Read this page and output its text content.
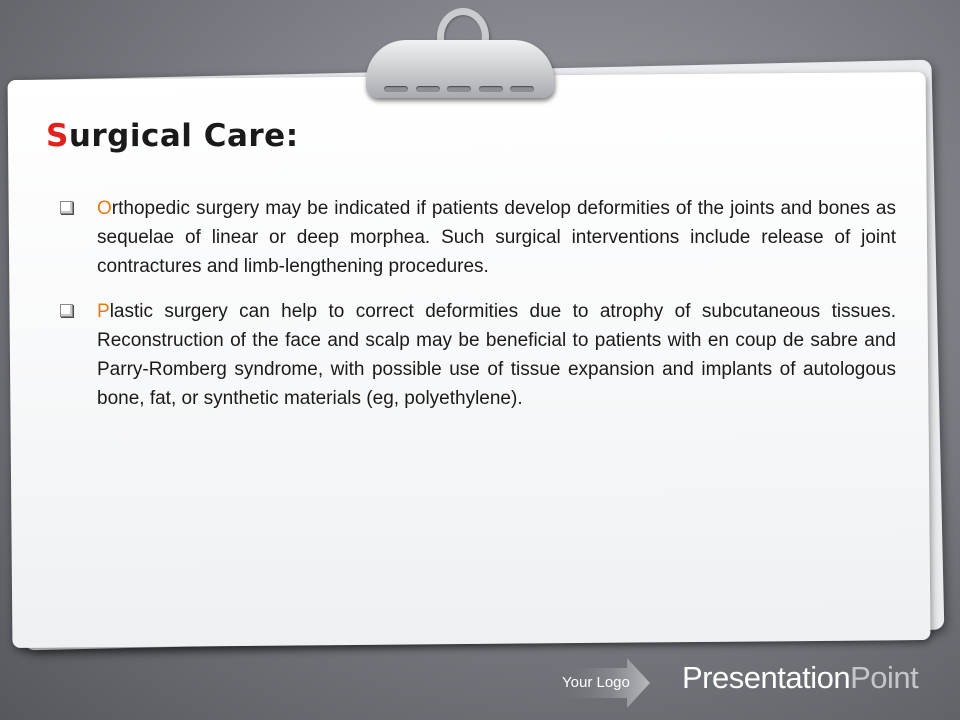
Surgical Care:

Orthopedic surgery may be indicated if patients develop deformities of the joints and bones as sequelae of linear or deep morphea. Such surgical interventions include release of joint contractures and limb-lengthening procedures.

Plastic surgery can help to correct deformities due to atrophy of subcutaneous tissues. Reconstruction of the face and scalp may be beneficial to patients with en coup de sabre and Parry-Romberg syndrome, with possible use of tissue expansion and implants of autologous bone, fat, or synthetic materials (eg, polyethylene).

Your Logo PresentationPoint
